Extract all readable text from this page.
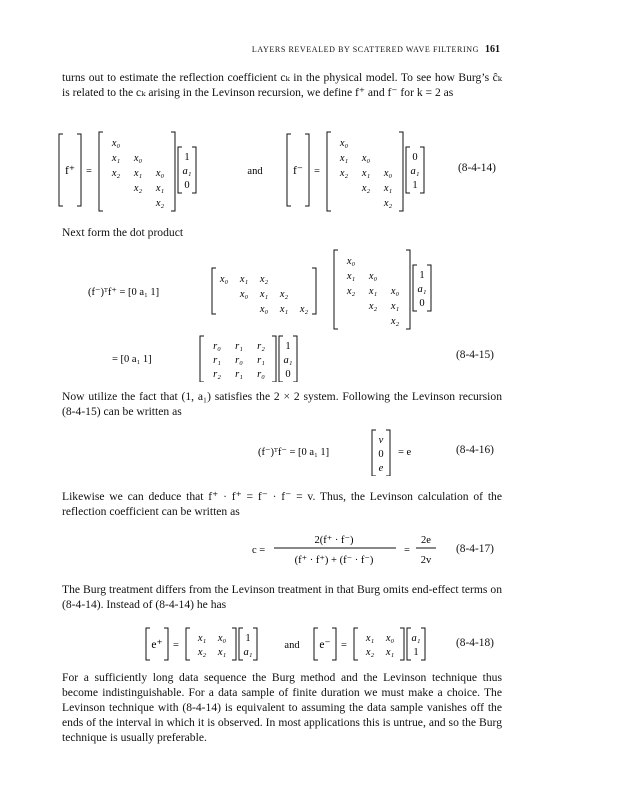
LAYERS REVEALED BY SCATTERED WAVE FILTERING 161
turns out to estimate the reflection coefficient cₖ in the physical model. To see how Burg’s ĉₖ is related to the cₖ arising in the Levinson recursion, we define f⁺ and f⁻ for k = 2 as
f⁺ =
x₀
x₁ x₀
x₂ x₁ x₀
x₂ x₁
x₂
1
a₁
0
and	f⁻ =
x₀
x₁ x₀
x₂ x₁ x₀
x₂ x₁
x₂
0
a₁
1
(8-4-14)
Next form the dot product
(f⁻)ᵀf⁺ = [0 a₁ 1]
x₀ x₁ x₂
x₀ x₁ x₂
x₀ x₁ x₂
x₀
x₁ x₀
x₂ x₁ x₀
x₂ x₁
x₂
1
a₁
0
= [0 a₁ 1]
r₀ r₁ r₂
r₁ r₀ r₁
r₂ r₁ r₀
1
a₁
0
(8-4-15)
Now utilize the fact that (1, a₁) satisfies the 2 × 2 system. Following the Levinson recursion (8-4-15) can be written as
(f⁻)ᵀf⁻ = [0 a₁ 1]
v
0
e
= e	(8-4-16)
Likewise we can deduce that f⁺ · f⁺ = f⁻ · f⁻ = v. Thus, the Levinson calculation of the reflection coefficient can be written as
c =
2(f⁺ · f⁻)
(f⁺ · f⁺) + (f⁻ · f⁻)
=
2e
2v
(8-4-17)
The Burg treatment differs from the Levinson treatment in that Burg omits end-effect terms on (8-4-14). Instead of (8-4-14) he has
e⁺ =
x₁ x₀
x₂ x₁
1
a₁
and e⁻ =
x₁ x₀
x₂ x₁
a₁
1
(8-4-18)
For a sufficiently long data sequence the Burg method and the Levinson technique thus become indistinguishable. For a data sample of finite duration we must make a choice. The Levinson technique with (8-4-14) is equivalent to assuming the data sample vanishes off the ends of the interval in which it is observed. In most applications this is untrue, and so the Burg technique is usually preferable.
